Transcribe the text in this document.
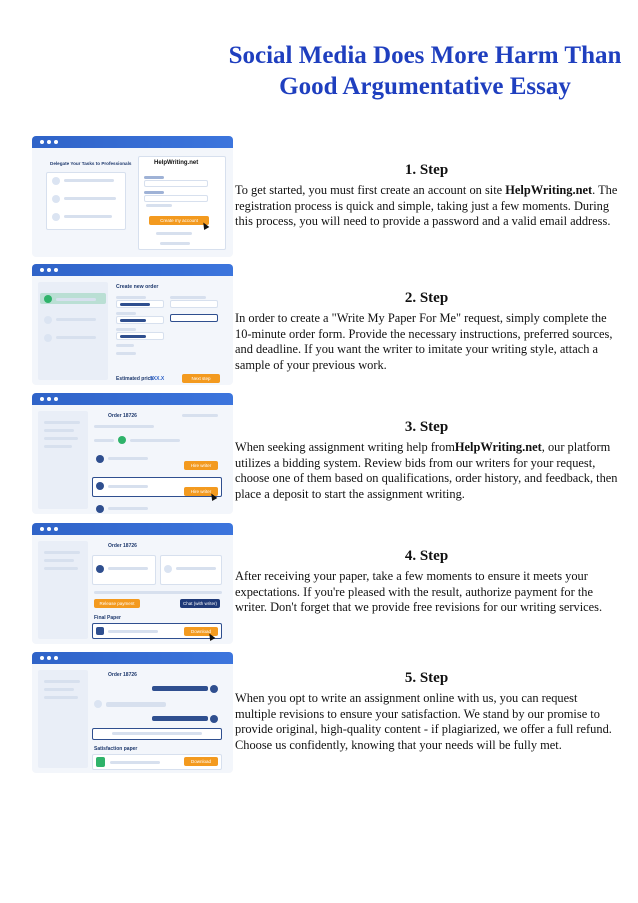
Social Media Does More Harm Than Good Argumentative Essay
Delegate Your Tasks to Professionals	HelpWriting.net
Create my account
Create new order
Estimated price
$XX.X	Next step
Order 18726
Hire writer
Hire writer
Order 18726
Release payment	Chat (with writer)
Final Paper
Download
Order 18726
Satisfaction paper
Download
1. Step

To get started, you must first create an account on site HelpWriting.net. The registration process is quick and simple, taking just a few moments. During this process, you will need to provide a password and a valid email address.

2. Step

In order to create a "Write My Paper For Me" request, simply complete the 10-minute order form. Provide the necessary instructions, preferred sources, and deadline. If you want the writer to imitate your writing style, attach a sample of your previous work.

3. Step

When seeking assignment writing help fromHelpWriting.net, our platform utilizes a bidding system. Review bids from our writers for your request, choose one of them based on qualifications, order history, and feedback, then place a deposit to start the assignment writing.

4. Step

After receiving your paper, take a few moments to ensure it meets your expectations. If you're pleased with the result, authorize payment for the writer. Don't forget that we provide free revisions for our writing services.

5. Step

When you opt to write an assignment online with us, you can request multiple revisions to ensure your satisfaction. We stand by our promise to provide original, high-quality content - if plagiarized, we offer a full refund. Choose us confidently, knowing that your needs will be fully met.
